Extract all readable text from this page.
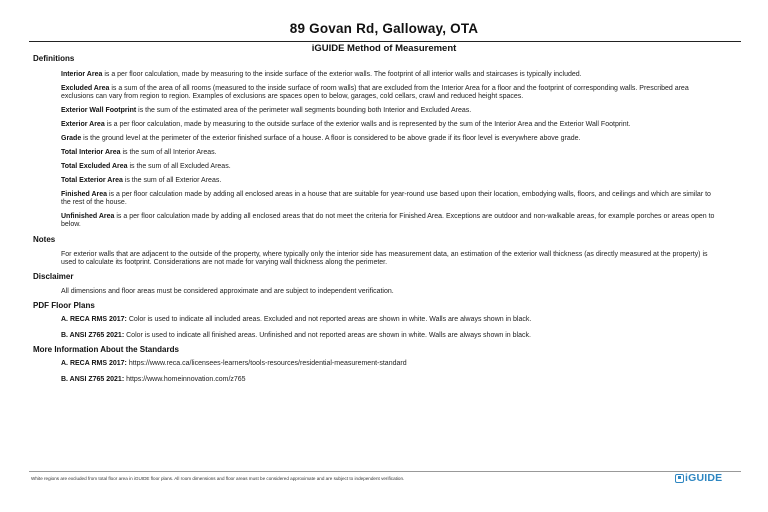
89 Govan Rd, Galloway, OTA
iGUIDE Method of Measurement
Definitions
Interior Area is a per floor calculation, made by measuring to the inside surface of the exterior walls. The footprint of all interior walls and staircases is typically included.
Excluded Area is a sum of the area of all rooms (measured to the inside surface of room walls) that are excluded from the Interior Area for a floor and the footprint of corresponding walls. Prescribed area exclusions can vary from region to region. Examples of exclusions are spaces open to below, garages, cold cellars, crawl and reduced height spaces.
Exterior Wall Footprint is the sum of the estimated area of the perimeter wall segments bounding both Interior and Excluded Areas.
Exterior Area is a per floor calculation, made by measuring to the outside surface of the exterior walls and is represented by the sum of the Interior Area and the Exterior Wall Footprint.
Grade is the ground level at the perimeter of the exterior finished surface of a house. A floor is considered to be above grade if its floor level is everywhere above grade.
Total Interior Area is the sum of all Interior Areas.
Total Excluded Area is the sum of all Excluded Areas.
Total Exterior Area is the sum of all Exterior Areas.
Finished Area is a per floor calculation made by adding all enclosed areas in a house that are suitable for year-round use based upon their location, embodying walls, floors, and ceilings and which are similar to the rest of the house.
Unfinished Area is a per floor calculation made by adding all enclosed areas that do not meet the criteria for Finished Area. Exceptions are outdoor and non-walkable areas, for example porches or areas open to below.
Notes
For exterior walls that are adjacent to the outside of the property, where typically only the interior side has measurement data, an estimation of the exterior wall thickness (as directly measured at the property) is used to calculate its footprint. Considerations are not made for varying wall thickness along the perimeter.
Disclaimer
All dimensions and floor areas must be considered approximate and are subject to independent verification.
PDF Floor Plans
A. RECA RMS 2017: Color is used to indicate all included areas. Excluded and not reported areas are shown in white. Walls are always shown in black.
B. ANSI Z765 2021: Color is used to indicate all finished areas. Unfinished and not reported areas are shown in white. Walls are always shown in black.
More Information About the Standards
A. RECA RMS 2017: https://www.reca.ca/licensees-learners/tools-resources/residential-measurement-standard
B. ANSI Z765 2021: https://www.homeinnovation.com/z765
White regions are excluded from total floor area in iGUIDE floor plans. All room dimensions and floor areas must be considered approximate and are subject to independent verification.	iGUIDE
